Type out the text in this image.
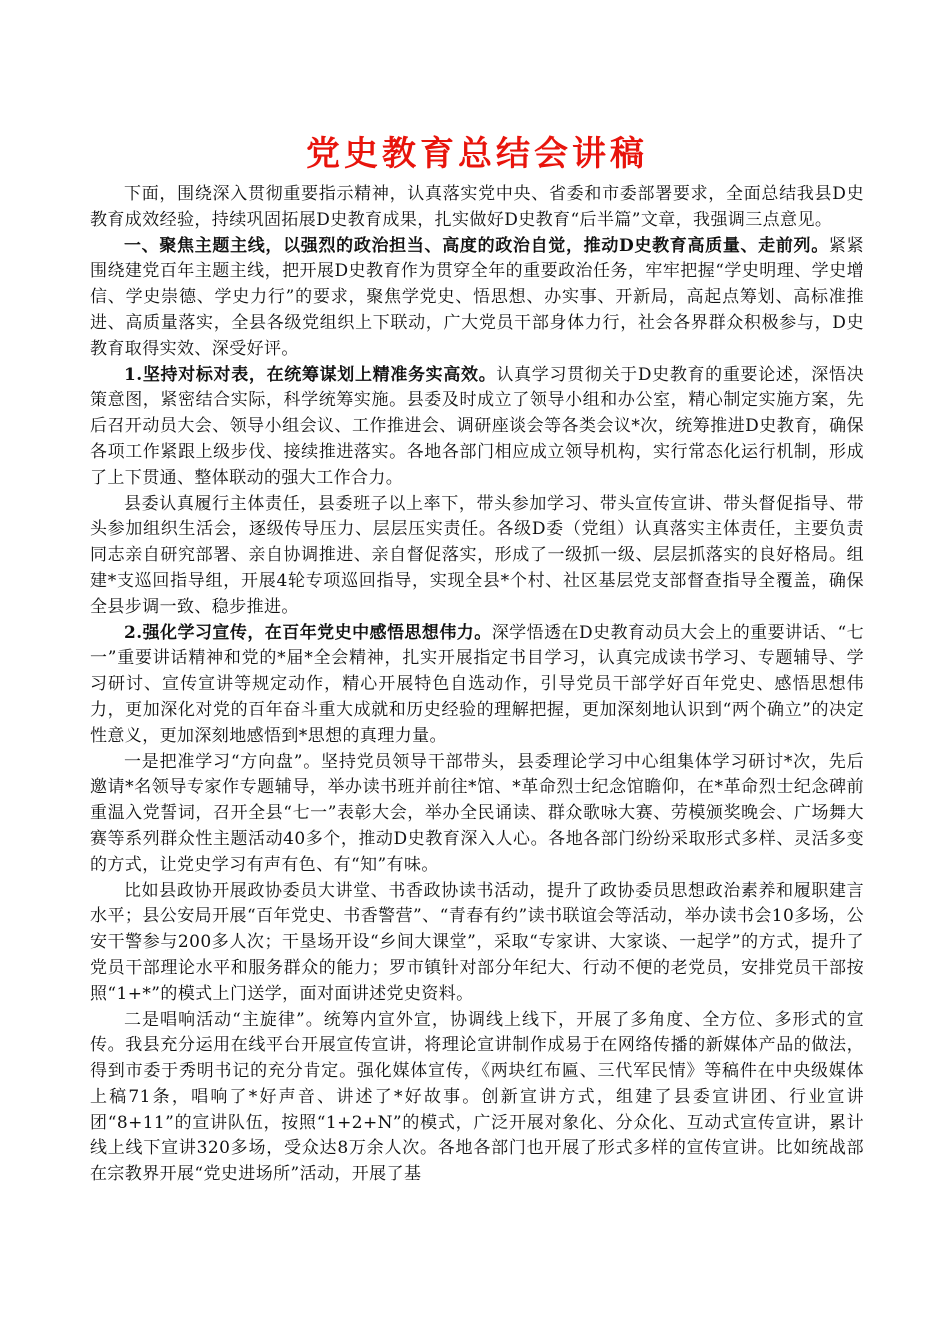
党史教育总结会讲稿

下面，围绕深入贯彻重要指示精神，认真落实党中央、省委和市委部署要求，全面总结我县D史教育成效经验，持续巩固拓展D史教育成果，扎实做好D史教育“后半篇”文章，我强调三点意见。

一、聚焦主题主线，以强烈的政治担当、高度的政治自觉，推动D史教育高质量、走前列。紧紧围绕建党百年主题主线，把开展D史教育作为贯穿全年的重要政治任务，牢牢把握“学史明理、学史增信、学史崇德、学史力行”的要求，聚焦学党史、悟思想、办实事、开新局，高起点筹划、高标准推进、高质量落实，全县各级党组织上下联动，广大党员干部身体力行，社会各界群众积极参与，D史教育取得实效、深受好评。

1.坚持对标对表，在统筹谋划上精准务实高效。认真学习贯彻关于D史教育的重要论述，深悟决策意图，紧密结合实际，科学统筹实施。县委及时成立了领导小组和办公室，精心制定实施方案，先后召开动员大会、领导小组会议、工作推进会、调研座谈会等各类会议*次，统筹推进D史教育，确保各项工作紧跟上级步伐、接续推进落实。各地各部门相应成立领导机构，实行常态化运行机制，形成了上下贯通、整体联动的强大工作合力。

县委认真履行主体责任，县委班子以上率下，带头参加学习、带头宣传宣讲、带头督促指导、带头参加组织生活会，逐级传导压力、层层压实责任。各级D委（党组）认真落实主体责任，主要负责同志亲自研究部署、亲自协调推进、亲自督促落实，形成了一级抓一级、层层抓落实的良好格局。组建*支巡回指导组，开展4轮专项巡回指导，实现全县*个村、社区基层党支部督查指导全覆盖，确保全县步调一致、稳步推进。

2.强化学习宣传，在百年党史中感悟思想伟力。深学悟透在D史教育动员大会上的重要讲话、“七一”重要讲话精神和党的*届*全会精神，扎实开展指定书目学习，认真完成读书学习、专题辅导、学习研讨、宣传宣讲等规定动作，精心开展特色自选动作，引导党员干部学好百年党史、感悟思想伟力，更加深化对党的百年奋斗重大成就和历史经验的理解把握，更加深刻地认识到“两个确立”的决定性意义，更加深刻地感悟到*思想的真理力量。

一是把准学习“方向盘”。坚持党员领导干部带头，县委理论学习中心组集体学习研讨*次，先后邀请*名领导专家作专题辅导，举办读书班并前往*馆、*革命烈士纪念馆瞻仰，在*革命烈士纪念碑前重温入党誓词，召开全县“七一”表彰大会，举办全民诵读、群众歌咏大赛、劳模颁奖晚会、广场舞大赛等系列群众性主题活动40多个，推动D史教育深入人心。各地各部门纷纷采取形式多样、灵活多变的方式，让党史学习有声有色、有“知”有味。

比如县政协开展政协委员大讲堂、书香政协读书活动，提升了政协委员思想政治素养和履职建言水平；县公安局开展“百年党史、书香警营”、“青春有约”读书联谊会等活动，举办读书会10多场，公安干警参与200多人次；干垦场开设“乡间大课堂”，采取“专家讲、大家谈、一起学”的方式，提升了党员干部理论水平和服务群众的能力；罗市镇针对部分年纪大、行动不便的老党员，安排党员干部按照“1+*”的模式上门送学，面对面讲述党史资料。

二是唱响活动“主旋律”。统筹内宣外宣，协调线上线下，开展了多角度、全方位、多形式的宣传。我县充分运用在线平台开展宣传宣讲，将理论宣讲制作成易于在网络传播的新媒体产品的做法，得到市委于秀明书记的充分肯定。强化媒体宣传，《两块红布匾、三代军民情》等稿件在中央级媒体上稿71条，唱响了*好声音、讲述了*好故事。创新宣讲方式，组建了县委宣讲团、行业宣讲团“8+11”的宣讲队伍，按照“1+2+N”的模式，广泛开展对象化、分众化、互动式宣传宣讲，累计线上线下宣讲320多场，受众达8万余人次。各地各部门也开展了形式多样的宣传宣讲。比如统战部在宗教界开展“党史进场所”活动，开展了基
